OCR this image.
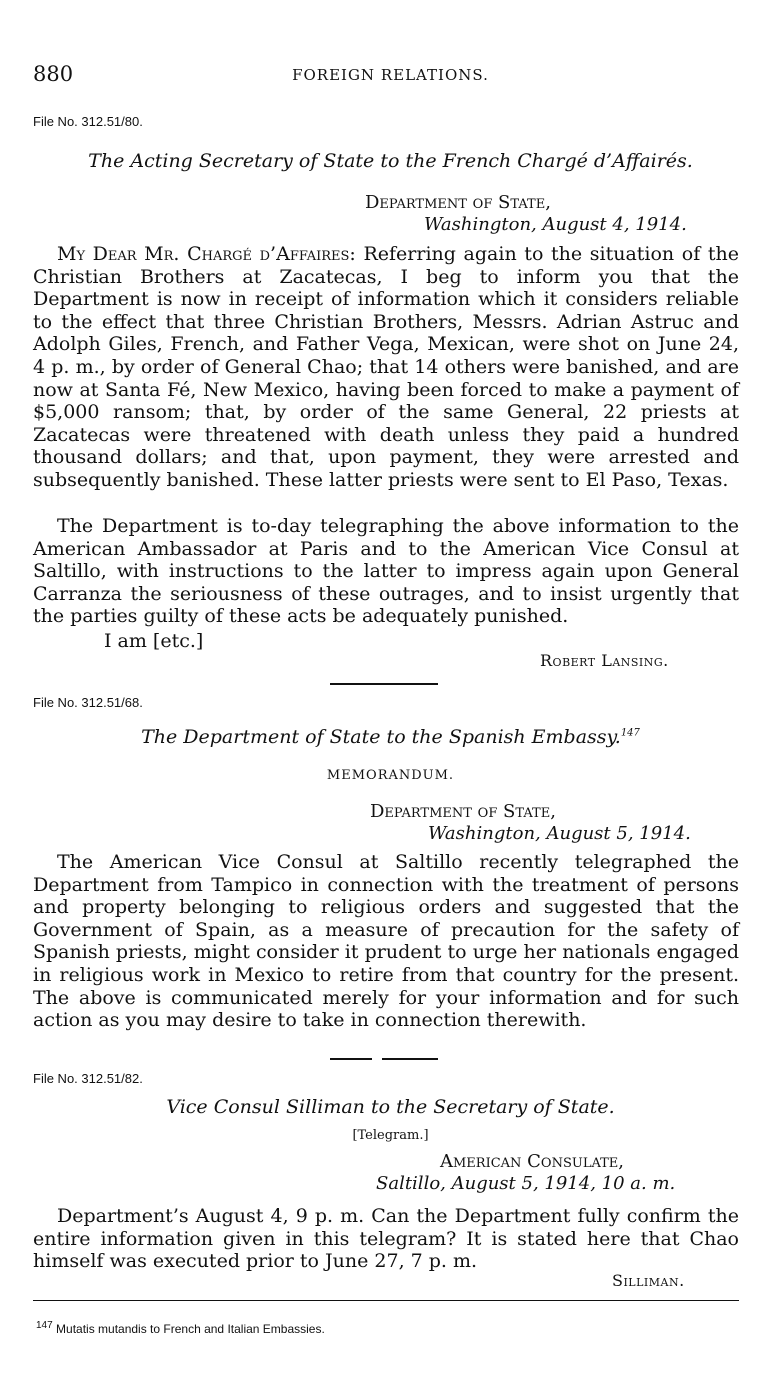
880	FOREIGN RELATIONS.
File No. 312.51/80.
The Acting Secretary of State to the French Chargé d’Affairés.
Department of State,
Washington, August 4, 1914.

My Dear Mr. Chargé d’Affaires: Referring again to the situation of the Christian Brothers at Zacatecas, I beg to inform you that the Department is now in receipt of information which it considers reliable to the effect that three Christian Brothers, Messrs. Adrian Astruc and Adolph Giles, French, and Father Vega, Mexican, were shot on June 24, 4 p. m., by order of General Chao; that 14 others were banished, and are now at Santa Fé, New Mexico, having been forced to make a payment of $5,000 ransom; that, by order of the same General, 22 priests at Zacatecas were threatened with death unless they paid a hundred thousand dollars; and that, upon payment, they were arrested and subsequently banished. These latter priests were sent to El Paso, Texas.

The Department is to-day telegraphing the above information to the American Ambassador at Paris and to the American Vice Consul at Saltillo, with instructions to the latter to impress again upon General Carranza the seriousness of these outrages, and to insist urgently that the parties guilty of these acts be adequately punished.

I am [etc.]
Robert Lansing.
File No. 312.51/68.
The Department of State to the Spanish Embassy.$^{147}$
MEMORANDUM.
Department of State,
Washington, August 5, 1914.

The American Vice Consul at Saltillo recently telegraphed the Department from Tampico in connection with the treatment of persons and property belonging to religious orders and suggested that the Government of Spain, as a measure of precaution for the safety of Spanish priests, might consider it prudent to urge her nationals engaged in religious work in Mexico to retire from that country for the present. The above is communicated merely for your information and for such action as you may desire to take in connection therewith.

File No. 312.51/82.
Vice Consul Silliman to the Secretary of State.
[Telegram.]
American Consulate,
Saltillo, August 5, 1914, 10 a. m.

Department’s August 4, 9 p. m. Can the Department fully confirm the entire information given in this telegram? It is stated here that Chao himself was executed prior to June 27, 7 p. m.

Silliman.
$^{147}$ Mutatis mutandis to French and Italian Embassies.
